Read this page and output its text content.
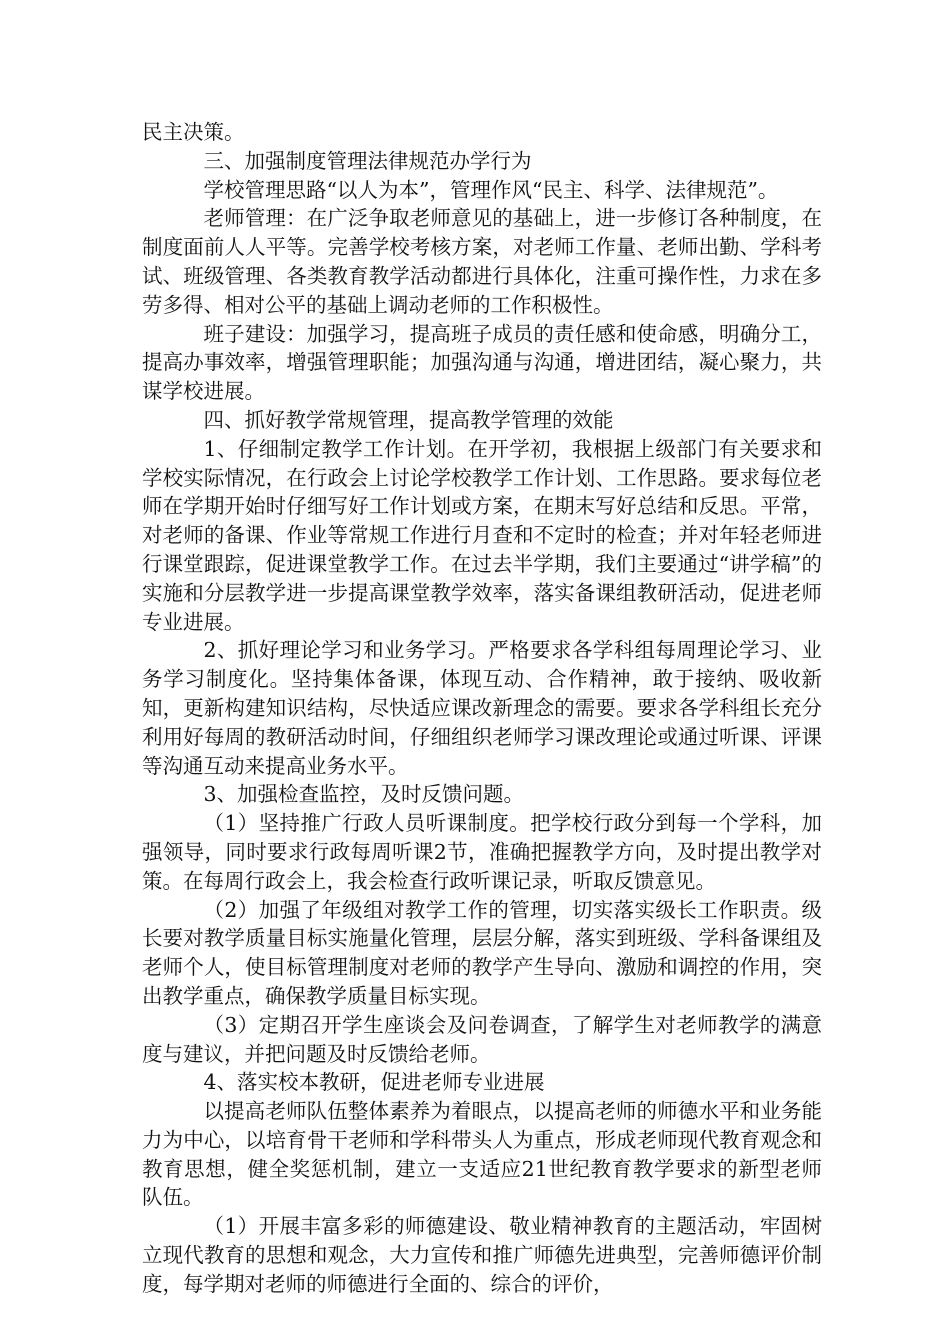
民主决策。

三、加强制度管理法律规范办学行为

学校管理思路“以人为本”，管理作风“民主、科学、法律规范”。

老师管理：在广泛争取老师意见的基础上，进一步修订各种制度，在制度面前人人平等。完善学校考核方案，对老师工作量、老师出勤、学科考试、班级管理、各类教育教学活动都进行具体化，注重可操作性，力求在多劳多得、相对公平的基础上调动老师的工作积极性。

班子建设：加强学习，提高班子成员的责任感和使命感，明确分工，提高办事效率，增强管理职能；加强沟通与沟通，增进团结，凝心聚力，共谋学校进展。

四、抓好教学常规管理，提高教学管理的效能

1、仔细制定教学工作计划。在开学初，我根据上级部门有关要求和学校实际情况，在行政会上讨论学校教学工作计划、工作思路。要求每位老师在学期开始时仔细写好工作计划或方案，在期末写好总结和反思。平常，对老师的备课、作业等常规工作进行月查和不定时的检查；并对年轻老师进行课堂跟踪，促进课堂教学工作。在过去半学期，我们主要通过“讲学稿”的实施和分层教学进一步提高课堂教学效率，落实备课组教研活动，促进老师专业进展。

2、抓好理论学习和业务学习。严格要求各学科组每周理论学习、业务学习制度化。坚持集体备课，体现互动、合作精神，敢于接纳、吸收新知，更新构建知识结构，尽快适应课改新理念的需要。要求各学科组长充分利用好每周的教研活动时间，仔细组织老师学习课改理论或通过听课、评课等沟通互动来提高业务水平。

3、加强检查监控，及时反馈问题。

（1）坚持推广行政人员听课制度。把学校行政分到每一个学科，加强领导，同时要求行政每周听课2节，准确把握教学方向，及时提出教学对策。在每周行政会上，我会检查行政听课记录，听取反馈意见。

（2）加强了年级组对教学工作的管理，切实落实级长工作职责。级长要对教学质量目标实施量化管理，层层分解，落实到班级、学科备课组及老师个人，使目标管理制度对老师的教学产生导向、激励和调控的作用，突出教学重点，确保教学质量目标实现。

（3）定期召开学生座谈会及问卷调查，了解学生对老师教学的满意度与建议，并把问题及时反馈给老师。

4、落实校本教研，促进老师专业进展

以提高老师队伍整体素养为着眼点，以提高老师的师德水平和业务能力为中心，以培育骨干老师和学科带头人为重点，形成老师现代教育观念和教育思想，健全奖惩机制，建立一支适应21世纪教育教学要求的新型老师队伍。

（1）开展丰富多彩的师德建设、敬业精神教育的主题活动，牢固树立现代教育的思想和观念，大力宣传和推广师德先进典型，完善师德评价制度，每学期对老师的师德进行全面的、综合的评价，
